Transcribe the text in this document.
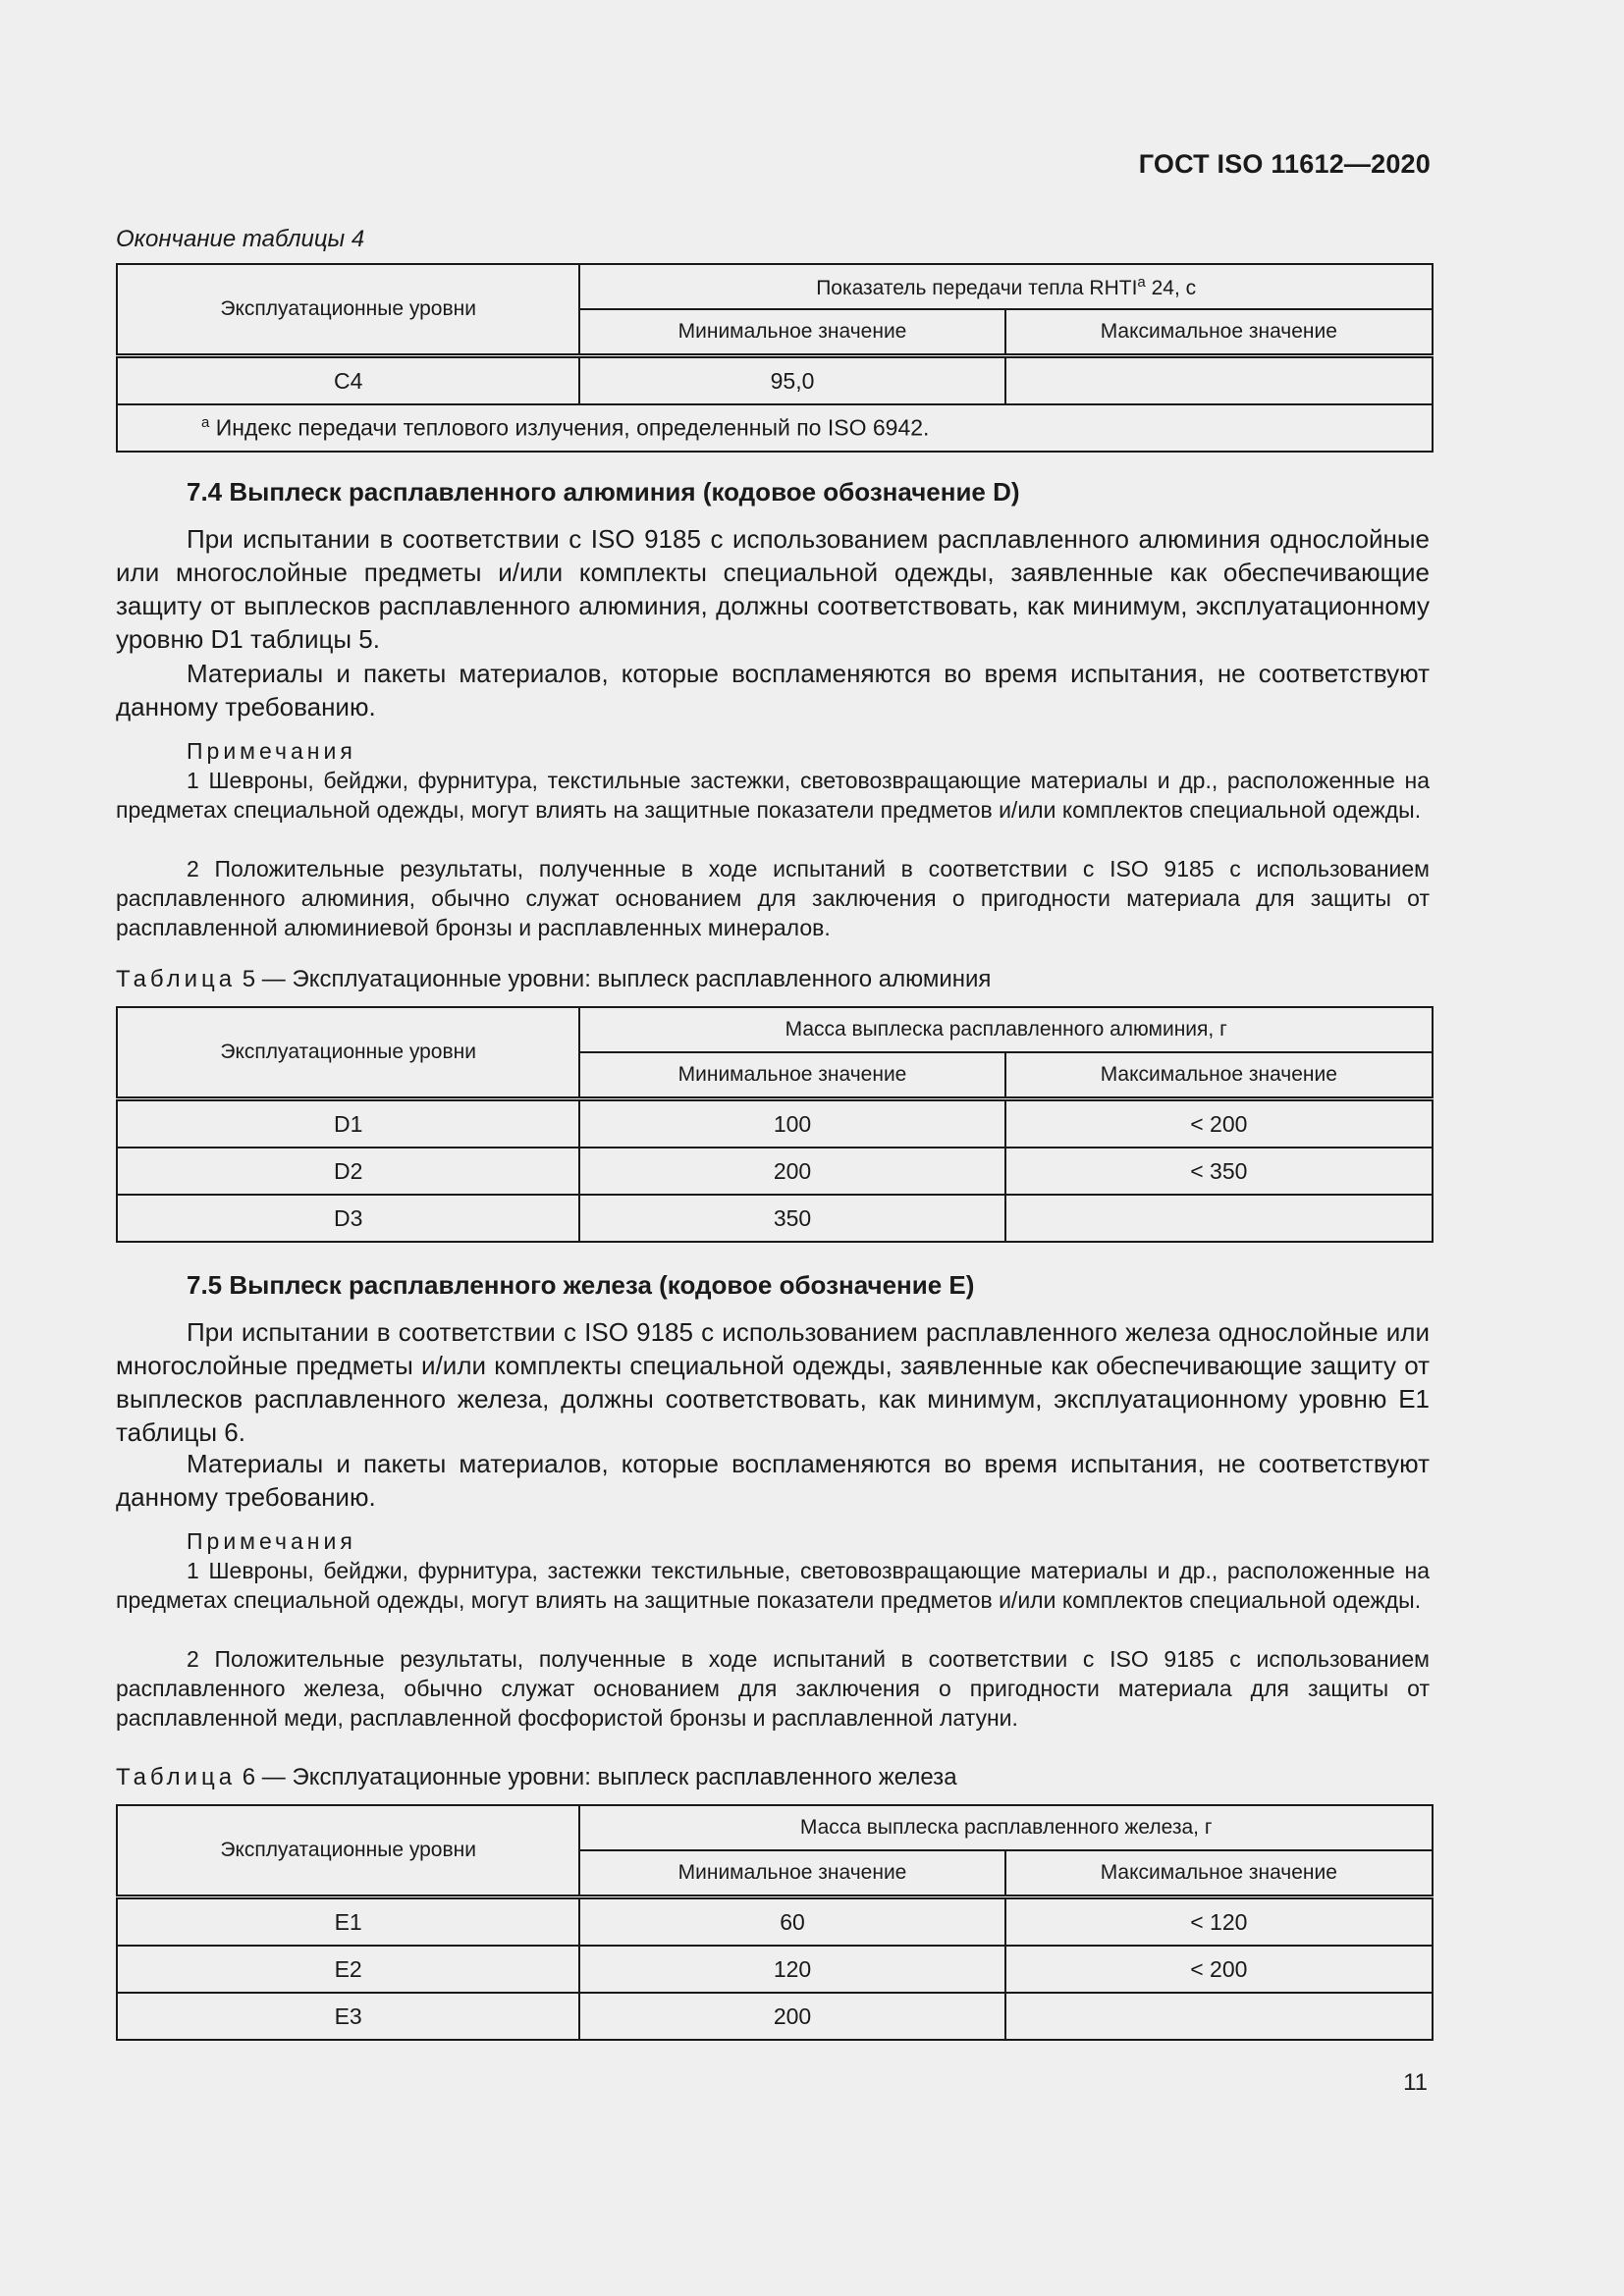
ГОСТ ISO 11612—2020
Окончание таблицы 4
Эксплуатационные уровни	Показатель передачи тепла RHTI$^a$ 24, с	
	Минимальное значение	Максимальное значение
C4	95,0	
$^a$ Индекс передачи теплового излучения, определенный по ISO 6942.		
7.4 Выплеск расплавленного алюминия (кодовое обозначение D)
При испытании в соответствии с ISO 9185 с использованием расплавленного алюминия однослойные или многослойные предметы и/или комплекты специальной одежды, заявленные как обеспечивающие защиту от выплесков расплавленного алюминия, должны соответствовать, как минимум, эксплуатационному уровню D1 таблицы 5.
Материалы и пакеты материалов, которые воспламеняются во время испытания, не соответствуют данному требованию.
Примечания
1 Шевроны, бейджи, фурнитура, текстильные застежки, световозвращающие материалы и др., расположенные на предметах специальной одежды, могут влиять на защитные показатели предметов и/или комплектов специальной одежды.
2 Положительные результаты, полученные в ходе испытаний в соответствии с ISO 9185 с использованием расплавленного алюминия, обычно служат основанием для заключения о пригодности материала для защиты от расплавленной алюминиевой бронзы и расплавленных минералов.
Таблица 5 — Эксплуатационные уровни: выплеск расплавленного алюминия
Эксплуатационные уровни	Масса выплеска расплавленного алюминия, г	
	Минимальное значение	Максимальное значение
D1	100	< 200
D2	200	< 350
D3	350	
7.5 Выплеск расплавленного железа (кодовое обозначение E)
При испытании в соответствии с ISO 9185 с использованием расплавленного железа однослойные или многослойные предметы и/или комплекты специальной одежды, заявленные как обеспечивающие защиту от выплесков расплавленного железа, должны соответствовать, как минимум, эксплуатационному уровню E1 таблицы 6.
Материалы и пакеты материалов, которые воспламеняются во время испытания, не соответствуют данному требованию.
Примечания
1 Шевроны, бейджи, фурнитура, застежки текстильные, световозвращающие материалы и др., расположенные на предметах специальной одежды, могут влиять на защитные показатели предметов и/или комплектов специальной одежды.
2 Положительные результаты, полученные в ходе испытаний в соответствии с ISO 9185 с использованием расплавленного железа, обычно служат основанием для заключения о пригодности материала для защиты от расплавленной меди, расплавленной фосфористой бронзы и расплавленной латуни.
Таблица 6 — Эксплуатационные уровни: выплеск расплавленного железа
Эксплуатационные уровни	Масса выплеска расплавленного железа, г	
	Минимальное значение	Максимальное значение
E1	60	< 120
E2	120	< 200
E3	200	
11
